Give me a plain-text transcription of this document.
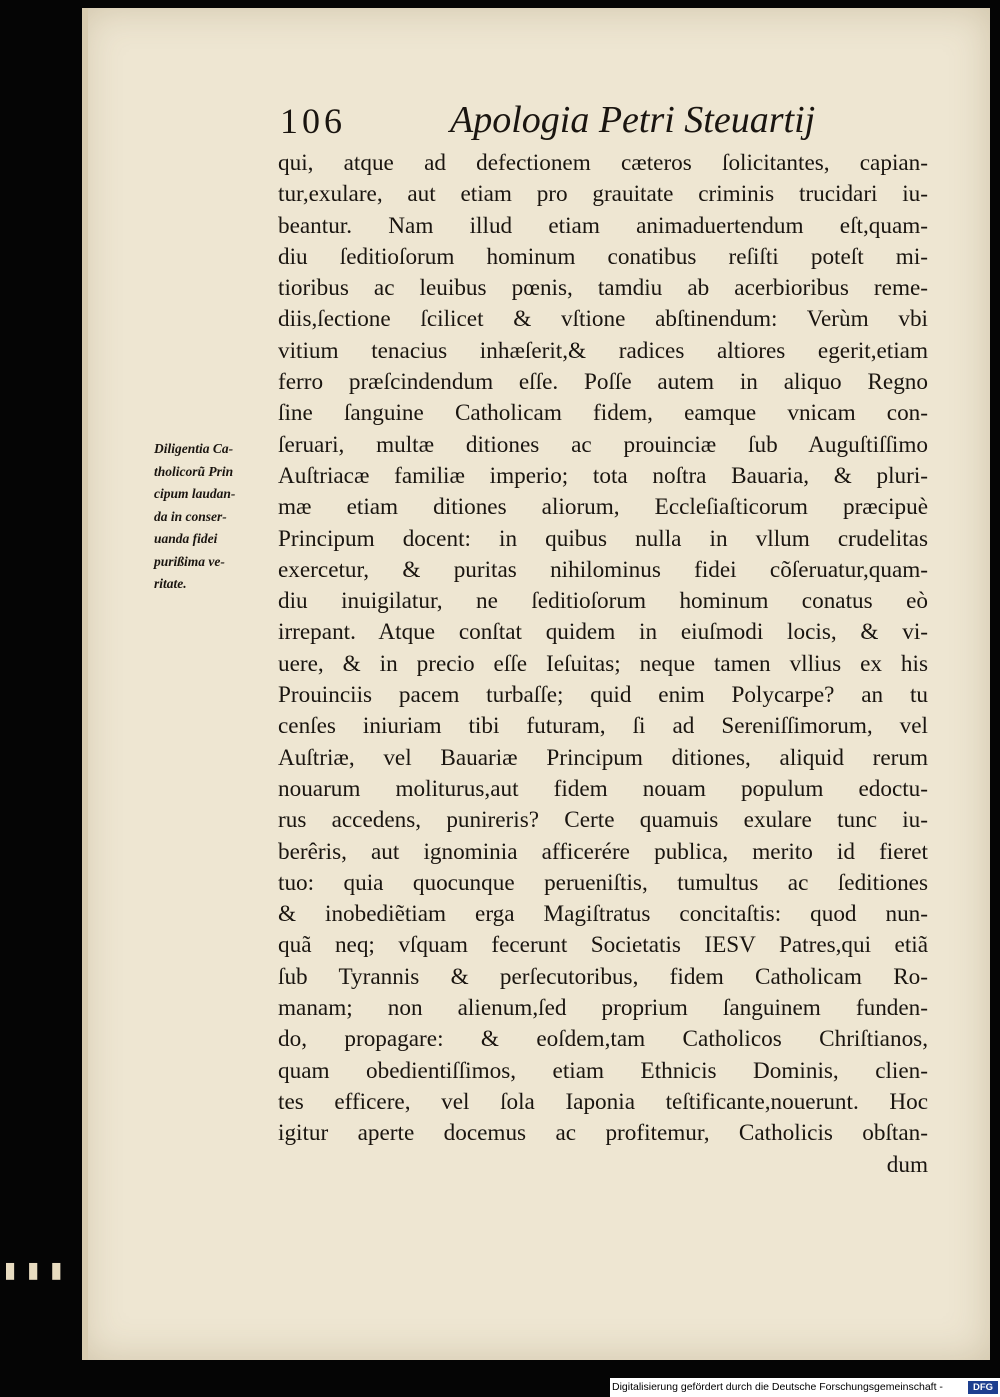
106	Apologia Petri Steuartij
Diligentia Ca-
tholicorũ Prin
cipum laudan-
da in conser-
uanda fidei
purißima ve-
ritate.
qui, atque ad defectionem cæteros ſolicitantes, capian-
tur,exulare, aut etiam pro grauitate criminis trucidari iu-
beantur. Nam illud etiam animaduertendum eſt,quam-
diu ſeditioſorum hominum conatibus reſiſti poteſt mi-
tioribus ac leuibus pœnis, tamdiu ab acerbioribus reme-
diis,ſectione ſcilicet & vſtione abſtinendum: Verùm vbi
vitium tenacius inhæſerit,& radices altiores egerit,etiam
ferro præſcindendum eſſe. Poſſe autem in aliquo Regno
ſine ſanguine Catholicam fidem, eamque vnicam con-
ſeruari, multæ ditiones ac prouinciæ ſub Auguſtiſſimo
Auſtriacæ familiæ imperio; tota noſtra Bauaria, & pluri-
mæ etiam ditiones aliorum, Eccleſiaſticorum præcipuè
Principum docent: in quibus nulla in vllum crudelitas
exercetur, & puritas nihilominus fidei cõſeruatur,quam-
diu inuigilatur, ne ſeditioſorum hominum conatus eò
irrepant. Atque conſtat quidem in eiuſmodi locis, & vi-
uere, & in precio eſſe Ieſuitas; neque tamen vllius ex his
Prouinciis pacem turbaſſe; quid enim Polycarpe? an tu
cenſes iniuriam tibi futuram, ſi ad Sereniſſimorum, vel
Auſtriæ, vel Bauariæ Principum ditiones, aliquid rerum
nouarum moliturus,aut fidem nouam populum edoctu-
rus accedens, punireris? Certe quamuis exulare tunc iu-
berêris, aut ignominia afficerére publica, merito id fieret
tuo: quia quocunque perueniſtis, tumultus ac ſeditiones
& inobediẽtiam erga Magiſtratus concitaſtis: quod nun-
quã neq; vſquam fecerunt Societatis IESV Patres,qui etiã
ſub Tyrannis & perſecutoribus, fidem Catholicam Ro-
manam; non alienum,ſed proprium ſanguinem funden-
do, propagare: & eoſdem,tam Catholicos Chriſtianos,
quam obedientiſſimos, etiam Ethnicis Dominis, clien-
tes efficere, vel ſola Iaponia teſtificante,nouerunt. Hoc
igitur aperte docemus ac profitemur, Catholicis obſtan-
dum
▮ ▮ ▮
Digitalisierung gefördert durch die Deutsche Forschungsgemeinschaft -	DFG
